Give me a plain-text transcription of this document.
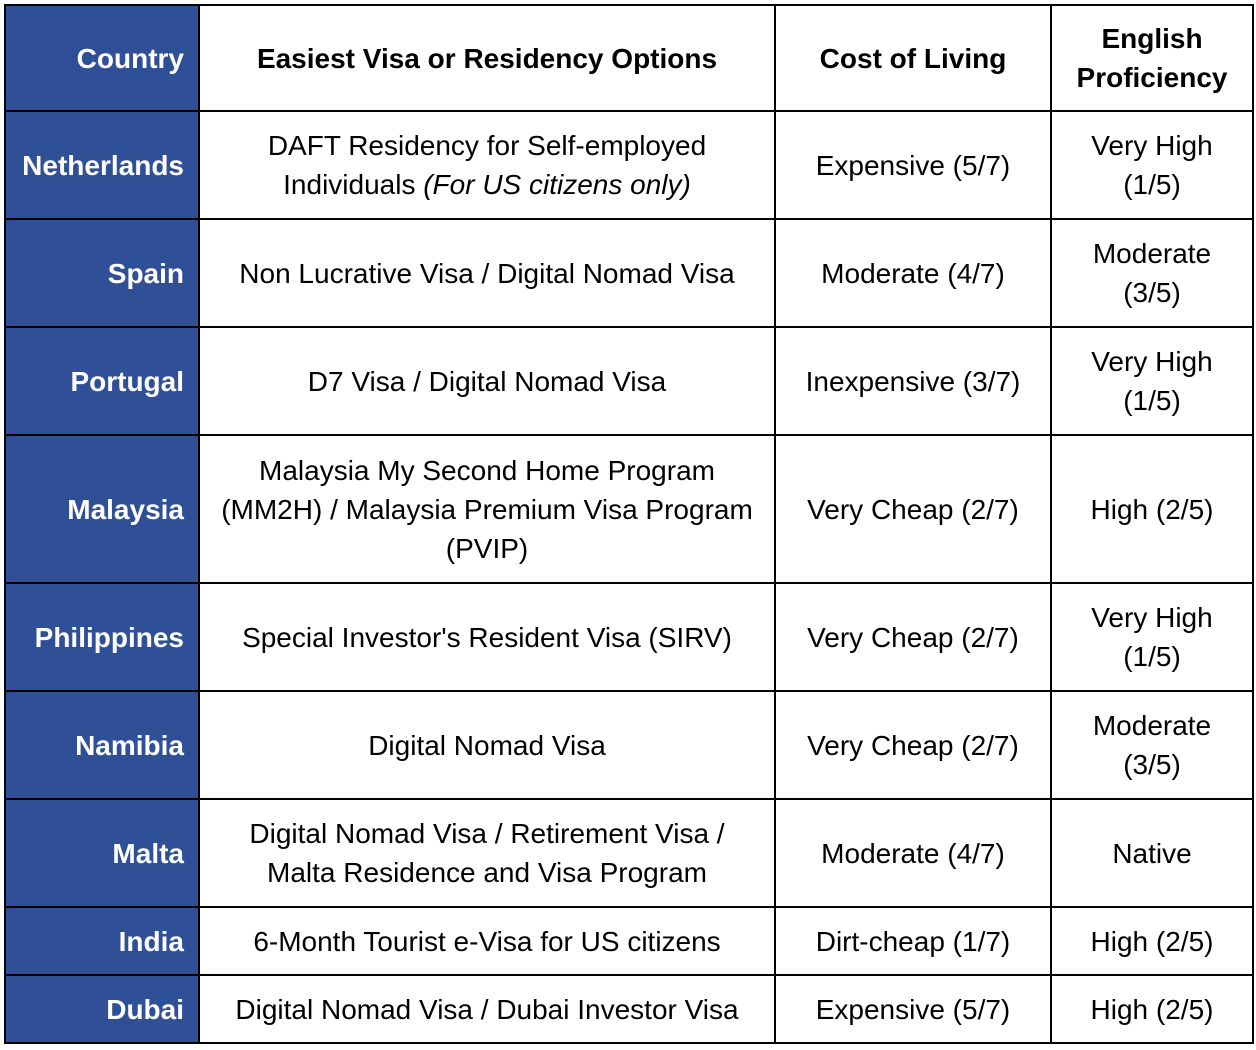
Country	Easiest Visa or Residency Options	Cost of Living	English Proficiency
Netherlands	DAFT Residency for Self-employed Individuals (For US citizens only)	Expensive (5/7)	Very High (1/5)
Spain	Non Lucrative Visa / Digital Nomad Visa	Moderate (4/7)	Moderate (3/5)
Portugal	D7 Visa / Digital Nomad Visa	Inexpensive (3/7)	Very High (1/5)
Malaysia	Malaysia My Second Home Program (MM2H) / Malaysia Premium Visa Program (PVIP)	Very Cheap (2/7)	High (2/5)
Philippines	Special Investor's Resident Visa (SIRV)	Very Cheap (2/7)	Very High (1/5)
Namibia	Digital Nomad Visa	Very Cheap (2/7)	Moderate (3/5)
Malta	Digital Nomad Visa / Retirement Visa / Malta Residence and Visa Program	Moderate (4/7)	Native
India	6-Month Tourist e-Visa for US citizens	Dirt-cheap (1/7)	High (2/5)
Dubai	Digital Nomad Visa / Dubai Investor Visa	Expensive (5/7)	High (2/5)
